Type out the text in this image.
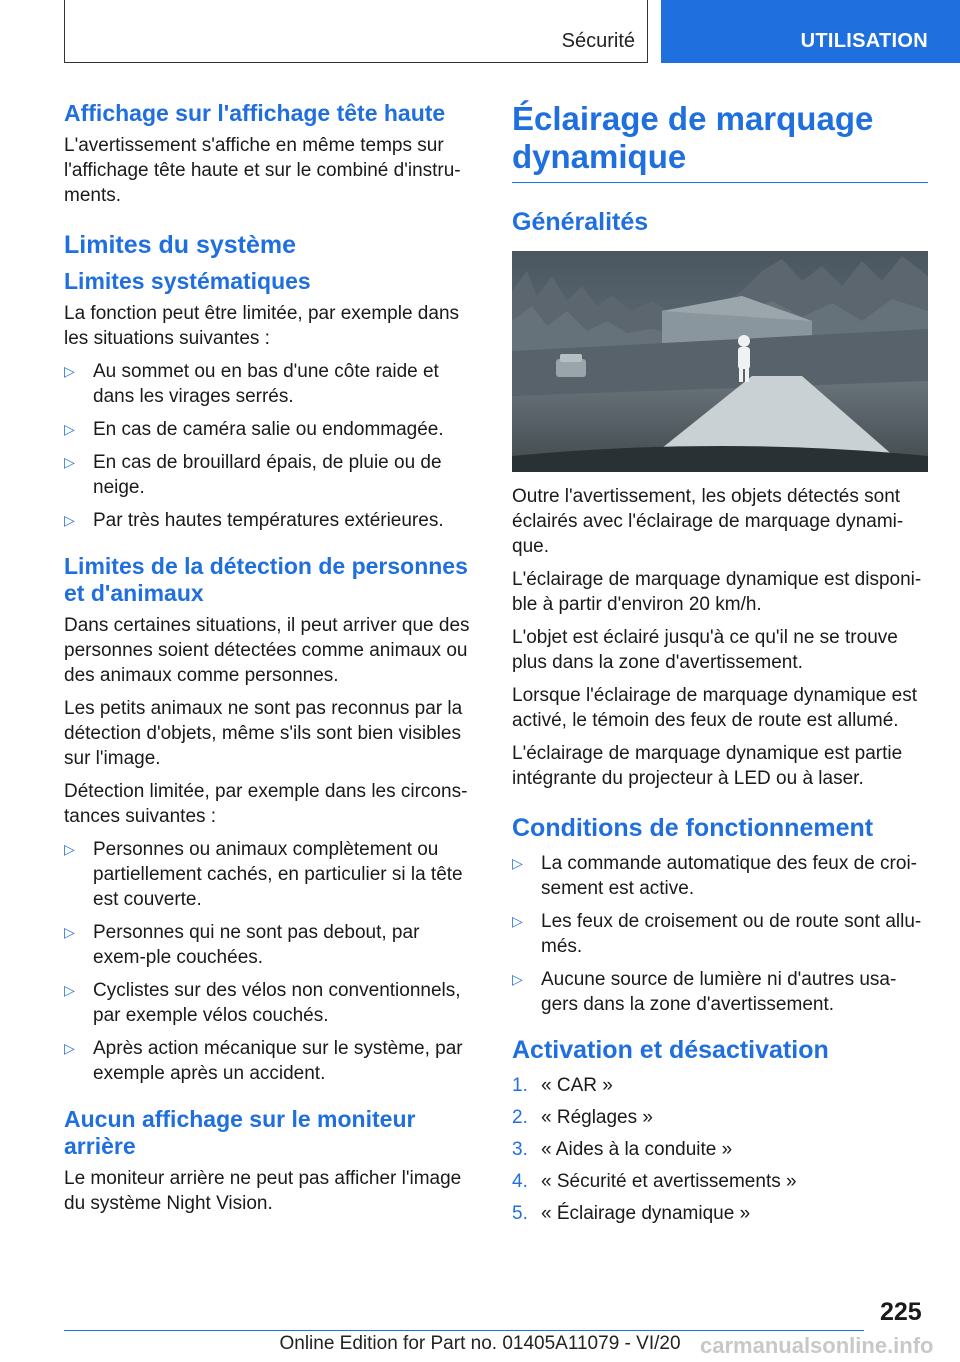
Sécurité	UTILISATION
Affichage sur l'affichage tête haute

L'avertissement s'affiche en même temps sur l'affichage tête haute et sur le combiné d'instru-ments.

Limites du système
Limites systématiques

La fonction peut être limitée, par exemple dans les situations suivantes :

▷ Au sommet ou en bas d'une côte raide et dans les virages serrés.
▷ En cas de caméra salie ou endommagée.
▷ En cas de brouillard épais, de pluie ou de neige.
▷ Par très hautes températures extérieures.
Limites de la détection de personnes et d'animaux

Dans certaines situations, il peut arriver que des personnes soient détectées comme animaux ou des animaux comme personnes.

Les petits animaux ne sont pas reconnus par la détection d'objets, même s'ils sont bien visibles sur l'image.

Détection limitée, par exemple dans les circons-tances suivantes :

▷ Personnes ou animaux complètement ou partiellement cachés, en particulier si la tête est couverte.
▷ Personnes qui ne sont pas debout, par exem-ple couchées.
▷ Cyclistes sur des vélos non conventionnels, par exemple vélos couchés.
▷ Après action mécanique sur le système, par exemple après un accident.
Aucun affichage sur le moniteur arrière

Le moniteur arrière ne peut pas afficher l'image du système Night Vision.

Éclairage de marquage dynamique
Généralités

Outre l'avertissement, les objets détectés sont éclairés avec l'éclairage de marquage dynami-que.

L'éclairage de marquage dynamique est disponi-ble à partir d'environ 20 km/h.

L'objet est éclairé jusqu'à ce qu'il ne se trouve plus dans la zone d'avertissement.

Lorsque l'éclairage de marquage dynamique est activé, le témoin des feux de route est allumé.

L'éclairage de marquage dynamique est partie intégrante du projecteur à LED ou à laser.

Conditions de fonctionnement
▷ La commande automatique des feux de croi-sement est active.
▷ Les feux de croisement ou de route sont allu-més.
▷ Aucune source de lumière ni d'autres usa-gers dans la zone d'avertissement.
Activation et désactivation
1. « CAR »
2. « Réglages »
3. « Aides à la conduite »
4. « Sécurité et avertissements »
5. « Éclairage dynamique »
225
Online Edition for Part no. 01405A11079 - VI/20 carmanualsonline.info
